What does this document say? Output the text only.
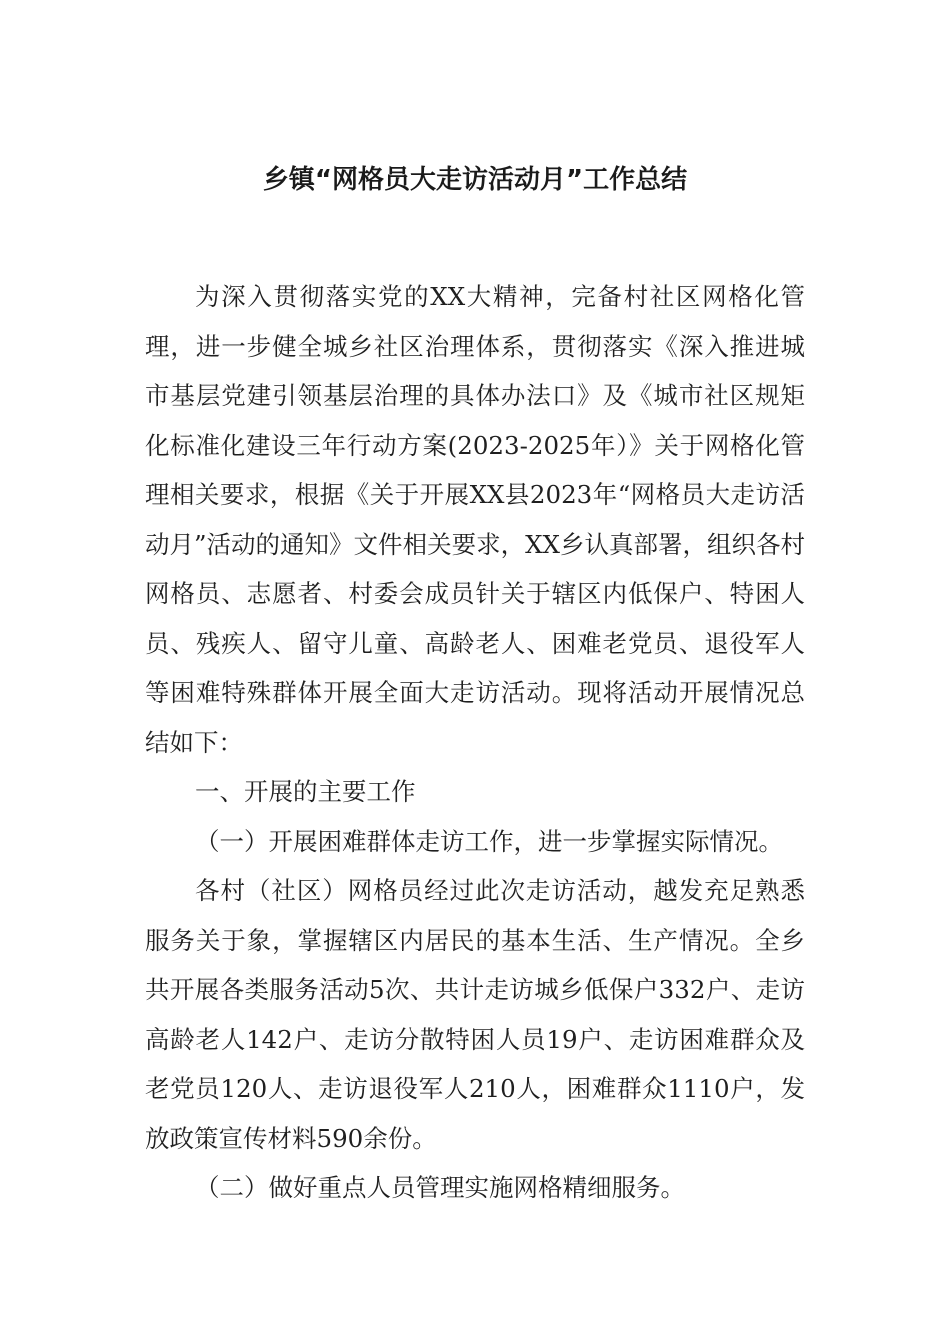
乡镇“网格员大走访活动月”工作总结

为深入贯彻落实党的XX大精神，完备村社区网格化管理，进一步健全城乡社区治理体系，贯彻落实《深入推进城市基层党建引领基层治理的具体办法口》及《城市社区规矩化标准化建设三年行动方案(2023-2025年）》关于网格化管理相关要求，根据《关于开展XX县2023年“网格员大走访活动月”活动的通知》文件相关要求，XX乡认真部署，组织各村网格员、志愿者、村委会成员针关于辖区内低保户、特困人员、残疾人、留守儿童、高龄老人、困难老党员、退役军人等困难特殊群体开展全面大走访活动。现将活动开展情况总结如下：

一、开展的主要工作

（一）开展困难群体走访工作，进一步掌握实际情况。

各村（社区）网格员经过此次走访活动，越发充足熟悉服务关于象，掌握辖区内居民的基本生活、生产情况。全乡共开展各类服务活动5次、共计走访城乡低保户332户、走访高龄老人142户、走访分散特困人员19户、走访困难群众及老党员120人、走访退役军人210人，困难群众1110户，发放政策宣传材料590余份。

（二）做好重点人员管理实施网格精细服务。
